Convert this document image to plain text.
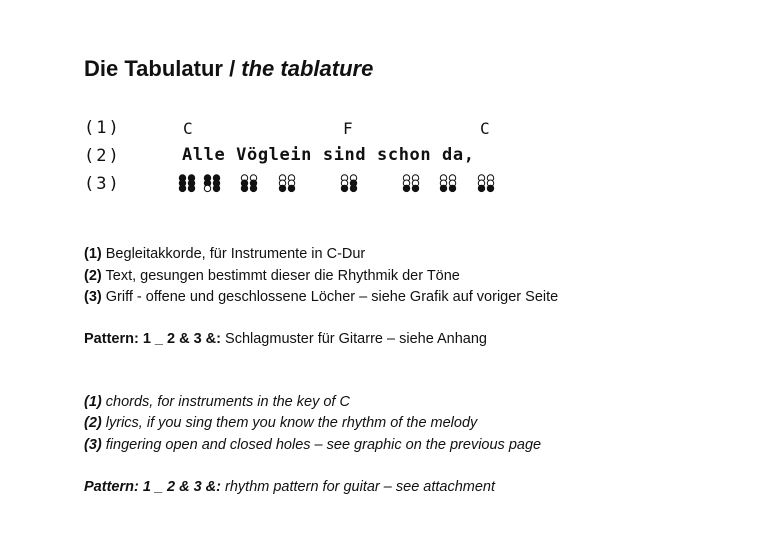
Die Tabulatur / the tablature
(1)
(2)
(3)
C	F	C
Alle Vöglein sind schon da,
(1) Begleitakkorde, für Instrumente in C-Dur
(2) Text, gesungen bestimmt dieser die Rhythmik der Töne
(3) Griff - offene und geschlossene Löcher – siehe Grafik auf voriger Seite
Pattern: 1 _ 2 & 3 &: Schlagmuster für Gitarre – siehe Anhang
(1) chords, for instruments in the key of C
(2) lyrics, if you sing them you know the rhythm of the melody
(3) fingering open and closed holes – see graphic on the previous page
Pattern: 1 _ 2 & 3 &: rhythm pattern for guitar – see attachment
